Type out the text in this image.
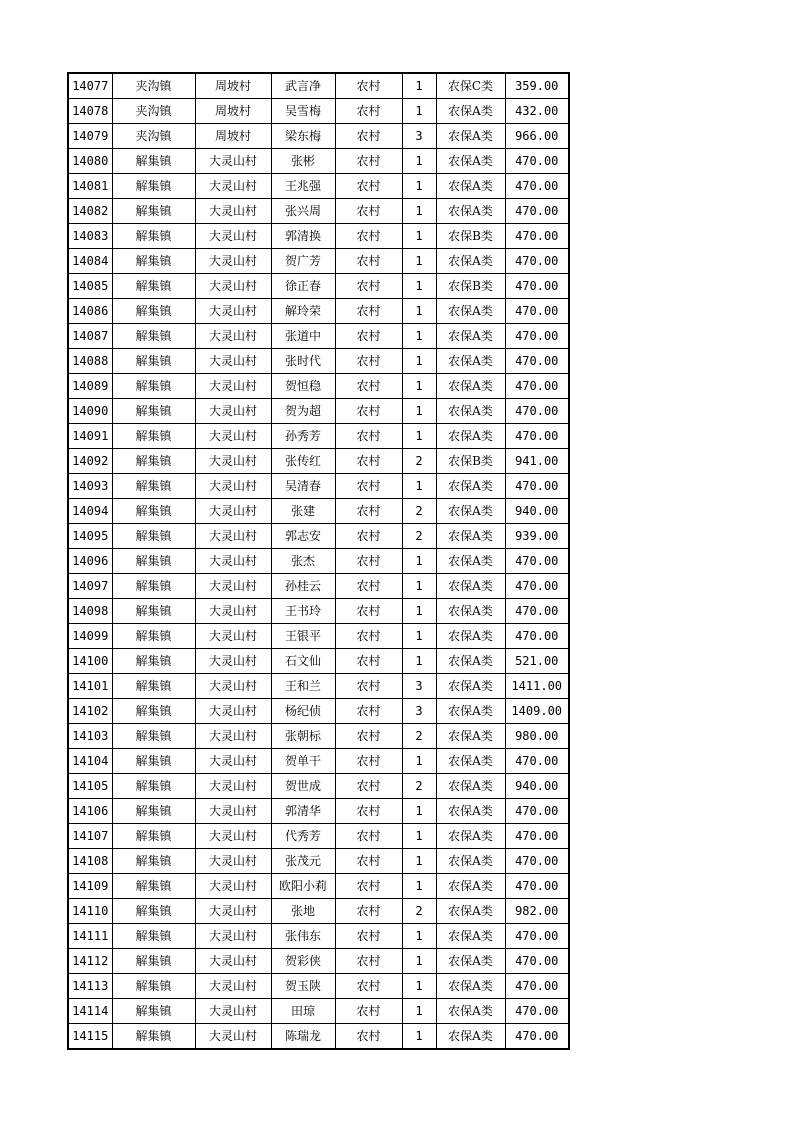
14077	夹沟镇	周坡村	武言净	农村	1	农保C类	359.00
14078	夹沟镇	周坡村	吴雪梅	农村	1	农保A类	432.00
14079	夹沟镇	周坡村	梁东梅	农村	3	农保A类	966.00
14080	解集镇	大灵山村	张彬	农村	1	农保A类	470.00
14081	解集镇	大灵山村	王兆强	农村	1	农保A类	470.00
14082	解集镇	大灵山村	张兴周	农村	1	农保A类	470.00
14083	解集镇	大灵山村	郭清换	农村	1	农保B类	470.00
14084	解集镇	大灵山村	贺广芳	农村	1	农保A类	470.00
14085	解集镇	大灵山村	徐正春	农村	1	农保B类	470.00
14086	解集镇	大灵山村	解玲荣	农村	1	农保A类	470.00
14087	解集镇	大灵山村	张道中	农村	1	农保A类	470.00
14088	解集镇	大灵山村	张时代	农村	1	农保A类	470.00
14089	解集镇	大灵山村	贺恒稳	农村	1	农保A类	470.00
14090	解集镇	大灵山村	贺为超	农村	1	农保A类	470.00
14091	解集镇	大灵山村	孙秀芳	农村	1	农保A类	470.00
14092	解集镇	大灵山村	张传红	农村	2	农保B类	941.00
14093	解集镇	大灵山村	吴清春	农村	1	农保A类	470.00
14094	解集镇	大灵山村	张建	农村	2	农保A类	940.00
14095	解集镇	大灵山村	郭志安	农村	2	农保A类	939.00
14096	解集镇	大灵山村	张杰	农村	1	农保A类	470.00
14097	解集镇	大灵山村	孙桂云	农村	1	农保A类	470.00
14098	解集镇	大灵山村	王书玲	农村	1	农保A类	470.00
14099	解集镇	大灵山村	王银平	农村	1	农保A类	470.00
14100	解集镇	大灵山村	石文仙	农村	1	农保A类	521.00
14101	解集镇	大灵山村	王和兰	农村	3	农保A类	1411.00
14102	解集镇	大灵山村	杨纪侦	农村	3	农保A类	1409.00
14103	解集镇	大灵山村	张朝标	农村	2	农保A类	980.00
14104	解集镇	大灵山村	贺单干	农村	1	农保A类	470.00
14105	解集镇	大灵山村	贺世成	农村	2	农保A类	940.00
14106	解集镇	大灵山村	郭清华	农村	1	农保A类	470.00
14107	解集镇	大灵山村	代秀芳	农村	1	农保A类	470.00
14108	解集镇	大灵山村	张茂元	农村	1	农保A类	470.00
14109	解集镇	大灵山村	欧阳小莉	农村	1	农保A类	470.00
14110	解集镇	大灵山村	张地	农村	2	农保A类	982.00
14111	解集镇	大灵山村	张伟东	农村	1	农保A类	470.00
14112	解集镇	大灵山村	贺彩侠	农村	1	农保A类	470.00
14113	解集镇	大灵山村	贺玉陕	农村	1	农保A类	470.00
14114	解集镇	大灵山村	田琼	农村	1	农保A类	470.00
14115	解集镇	大灵山村	陈瑞龙	农村	1	农保A类	470.00
